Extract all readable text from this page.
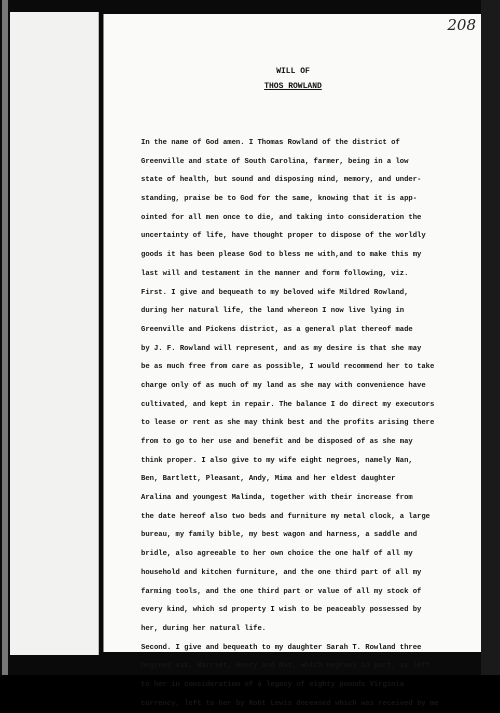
208
WILL OF
THOS ROWLAND
In the name of God amen. I Thomas Rowland of the district of
Greenville and state of South Carolina, farmer, being in a low
state of health, but sound and disposing mind, memory, and under-
standing, praise be to God for the same, knowing that it is app-
ointed for all men once to die, and taking into consideration the
uncertainty of life, have thought proper to dispose of the worldly
goods it has been please God to bless me with,and to make this my
last will and testament in the manner and form following, viz.
First. I give and bequeath to my beloved wife Mildred Rowland,
during her natural life, the land whereon I now live lying in
Greenville and Pickens district, as a general plat thereof made
by J. F. Rowland will represent, and as my desire is that she may
be as much free from care as possible, I would recommend her to take
charge only of as much of my land as she may with convenience have
cultivated, and kept in repair. The balance I do direct my executors
to lease or rent as she may think best and the profits arising there
from to go to her use and benefit and be disposed of as she may
think proper. I also give to my wife eight negroes, namely Nan,
Ben, Bartlett, Pleasant, Andy, Mima and her eldest daughter
Aralina and youngest Malinda, together with their increase from
the date hereof also two beds and furniture my metal clock, a large
bureau, my family bible, my best wagon and harness, a saddle and
bridle, also agreeable to her own choice the one half of all my
household and kitchen furniture, and the one third part of all my
farming tools, and the one third part or value of all my stock of
every kind, which sd property I wish to be peaceably possessed by
her, during her natural life.
Second. I give and bequeath to my daughter Sarah T. Rowland three
negroes viz, Harriet, Henry and Mat, which negroes in part, is left
to her in consideration of a legacy of eighty pounds Virginia
currency, left to her by Robt Lewis deceased which was received by me
